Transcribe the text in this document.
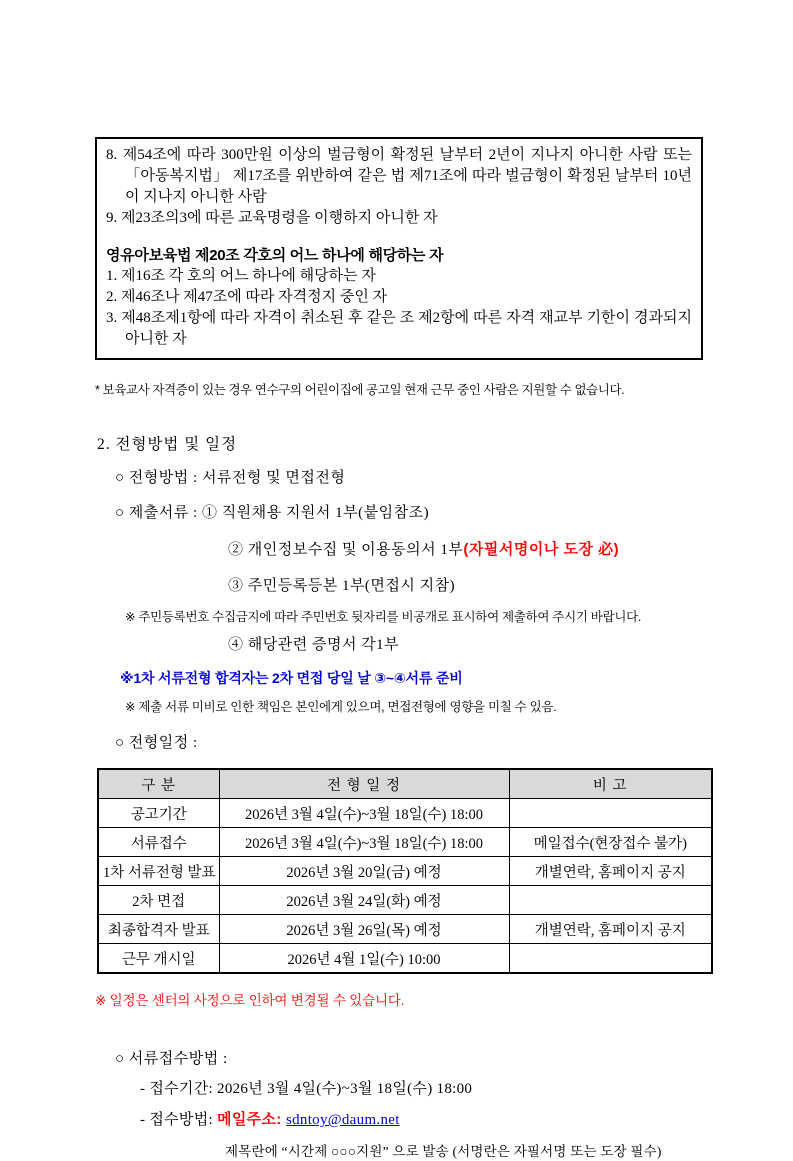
8. 제54조에 따라 300만원 이상의 벌금형이 확정된 날부터 2년이 지나지 아니한 사람 또는 「아동복지법」 제17조를 위반하여 같은 법 제71조에 따라 벌금형이 확정된 날부터 10년이 지나지 아니한 사람

9. 제23조의3에 따른 교육명령을 이행하지 아니한 자

영유아보육법 제20조 각호의 어느 하나에 해당하는 자

1. 제16조 각 호의 어느 하나에 해당하는 자

2. 제46조나 제47조에 따라 자격정지 중인 자

3. 제48조제1항에 따라 자격이 취소된 후 같은 조 제2항에 따른 자격 재교부 기한이 경과되지 아니한 자

* 보육교사 자격증이 있는 경우 연수구의 어린이집에 공고일 현재 근무 중인 사람은 지원할 수 없습니다.

2. 전형방법 및 일정

○ 전형방법 : 서류전형 및 면접전형

○ 제출서류 : ① 직원채용 지원서 1부(붙임참조)

② 개인정보수집 및 이용동의서 1부(자필서명이나 도장 必)

③ 주민등록등본 1부(면접시 지참)

※ 주민등록번호 수집금지에 따라 주민번호 뒷자리를 비공개로 표시하여 제출하여 주시기 바랍니다.

④ 해당관련 증명서 각1부

※1차 서류전형 합격자는 2차 면접 당일 날 ③~④서류 준비

※ 제출 서류 미비로 인한 책임은 본인에게 있으며, 면접전형에 영향을 미칠 수 있음.

○ 전형일정 :

구 분	전 형 일 정	비 고
공고기간	2026년 3월 4일(수)~3월 18일(수) 18:00	
서류접수	2026년 3월 4일(수)~3월 18일(수) 18:00	메일접수(현장접수 불가)
1차 서류전형 발표	2026년 3월 20일(금) 예정	개별연락, 홈페이지 공지
2차 면접	2026년 3월 24일(화) 예정	
최종합격자 발표	2026년 3월 26일(목) 예정	개별연락, 홈페이지 공지
근무 개시일	2026년 4월 1일(수) 10:00	

※ 일정은 센터의 사정으로 인하여 변경될 수 있습니다.

○ 서류접수방법 :

- 접수기간: 2026년 3월 4일(수)~3월 18일(수) 18:00

- 접수방법: 메일주소: sdntoy@daum.net

제목란에 “시간제 ○○○지원” 으로 발송 (서명란은 자필서명 또는 도장 필수)
